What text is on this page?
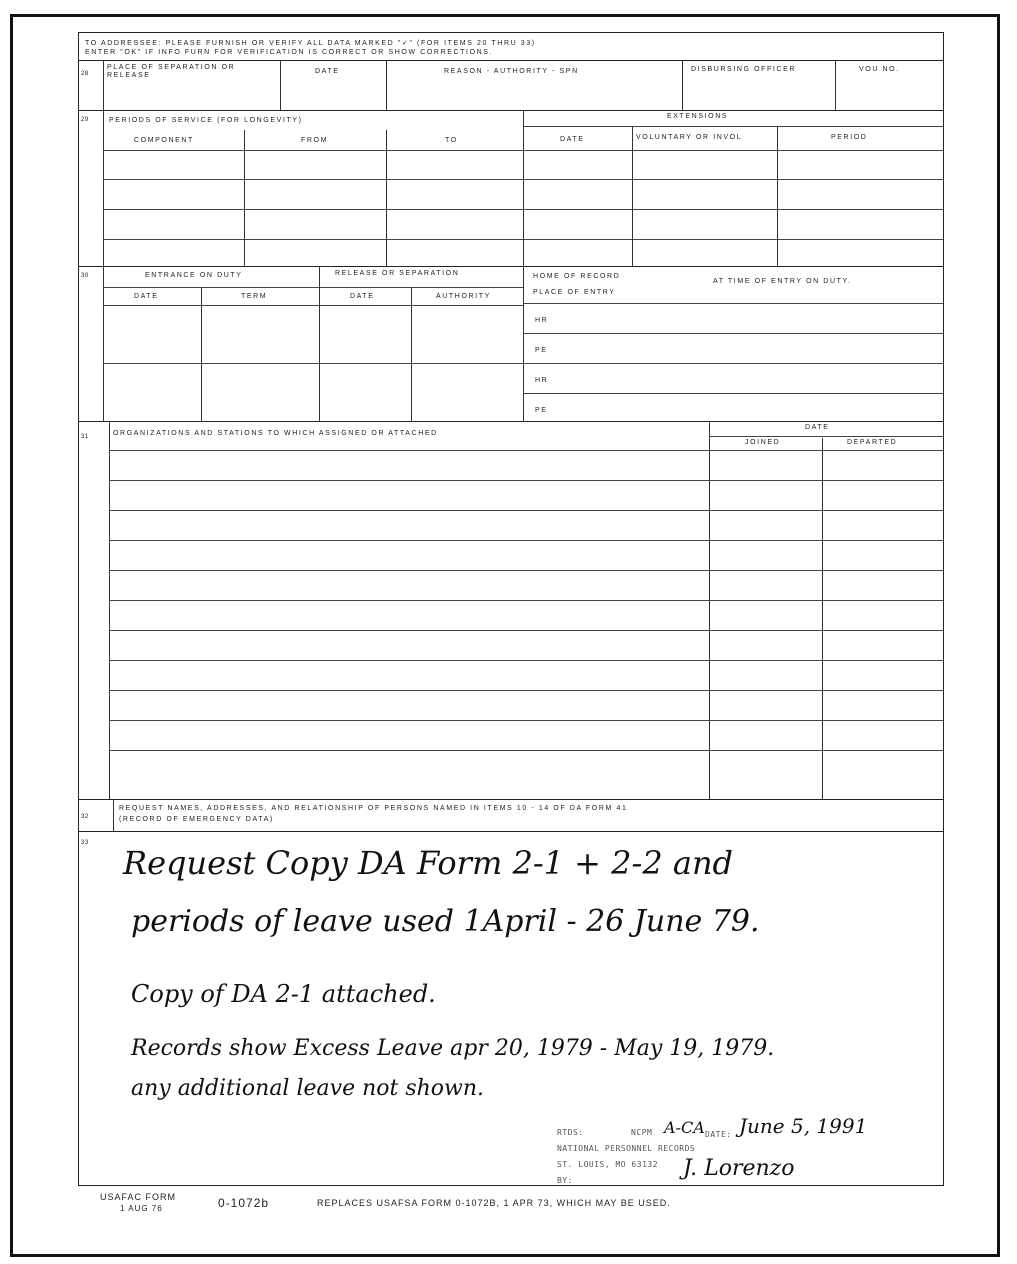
TO ADDRESSEE: PLEASE FURNISH OR VERIFY ALL DATA MARKED "✓" (FOR ITEMS 20 THRU 33)
ENTER "OK" IF INFO FURN FOR VERIFICATION IS CORRECT OR SHOW CORRECTIONS.
28
PLACE OF SEPARATION OR RELEASE
DATE	REASON - AUTHORITY - SPN	DISBURSING OFFICER	VOU NO.
29	PERIODS OF SERVICE (FOR LONGEVITY)
EXTENSIONS
COMPONENT	FROM	TO	DATE	VOLUNTARY OR INVOL	PERIOD
30	ENTRANCE ON DUTY	RELEASE OR SEPARATION	HOME OF RECORD
PLACE OF ENTRY
AT TIME OF ENTRY ON DUTY.
DATE	TERM	DATE	AUTHORITY
HR
PE
HR
PE
31	ORGANIZATIONS AND STATIONS TO WHICH ASSIGNED OR ATTACHED
DATE
JOINED	DEPARTED
32
REQUEST NAMES, ADDRESSES, AND RELATIONSHIP OF PERSONS NAMED IN ITEMS 10 - 14 OF DA FORM 41
(RECORD OF EMERGENCY DATA)
33
Request Copy DA Form 2-1 + 2-2 and
periods of leave used 1April - 26 June 79.
Copy of DA 2-1 attached.
Records show Excess Leave apr 20, 1979 - May 19, 1979.
any additional leave not shown.
RTDS:	NCPM A-CA DATE: June 5, 1991
NATIONAL PERSONNEL RECORDS
ST. LOUIS, MO 63132
BY:	J. Lorenzo
USAFAC FORM
1 AUG 76	0-1072b	REPLACES USAFSA FORM 0-1072B, 1 APR 73, WHICH MAY BE USED.
